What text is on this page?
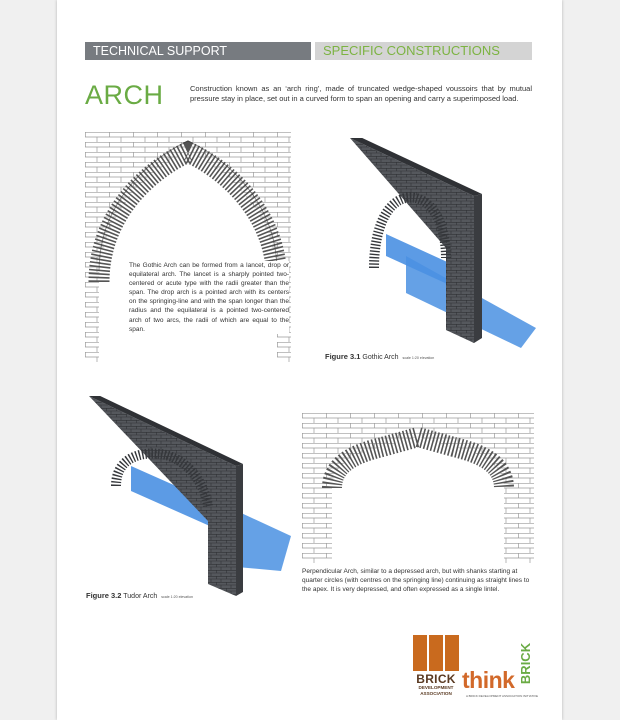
TECHNICAL SUPPORT	SPECIFIC CONSTRUCTIONS
ARCH	Construction known as an ‘arch ring’, made of truncated wedge-shaped voussoirs that by mutual pressure stay in place, set out in a curved form to span an opening and carry a superimposed load.
The Gothic Arch can be formed from a lancet, drop or equilateral arch. The lancet is a sharply pointed two-centered or acute type with the radii greater than the span. The drop arch is a pointed arch with its centers on the springing-line and with the span longer than the radius and the equilateral is a pointed two-centered arch of two arcs, the radii of which are equal to the span.
Figure 3.1 Gothic Arch scale 1:20 elevation
Figure 3.2 Tudor Arch scale 1:20 elevation
Perpendicular Arch, similar to a depressed arch, but with shanks starting at quarter circles (with centres on the springing line) continuing as straight lines to the apex. It is very depressed, and often expressed as a single lintel.
BRICK
DEVELOPMENT
ASSOCIATION think BRICK
A BRICK DEVELOPMENT ASSOCIATION INITIATIVE
